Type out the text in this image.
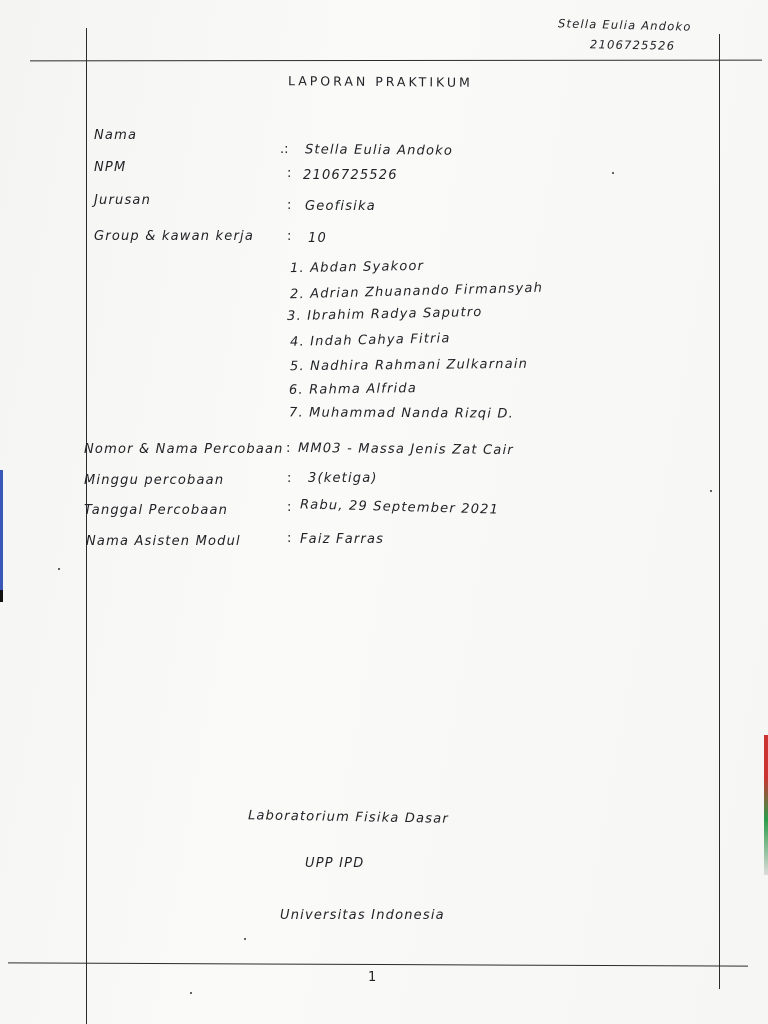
Stella Eulia Andoko
2106725526
LAPORAN PRAKTIKUM
Nama
NPM
Jurusan
Group & kawan kerja
.:
:
:
:
Stella Eulia Andoko
2106725526
Geofisika
10
1. Abdan Syakoor
2. Adrian Zhuanando Firmansyah
3. Ibrahim Radya Saputro
4. Indah Cahya Fitria
5. Nadhira Rahmani Zulkarnain
6. Rahma Alfrida
7. Muhammad Nanda Rizqi D.
Nomor & Nama Percobaan
Minggu percobaan
Tanggal Percobaan
Nama Asisten Modul
:
:
:
:
MM03 - Massa Jenis Zat Cair
3(ketiga)
Rabu, 29 September 2021
Faiz Farras
Laboratorium Fisika Dasar
UPP IPD
Universitas Indonesia
1
